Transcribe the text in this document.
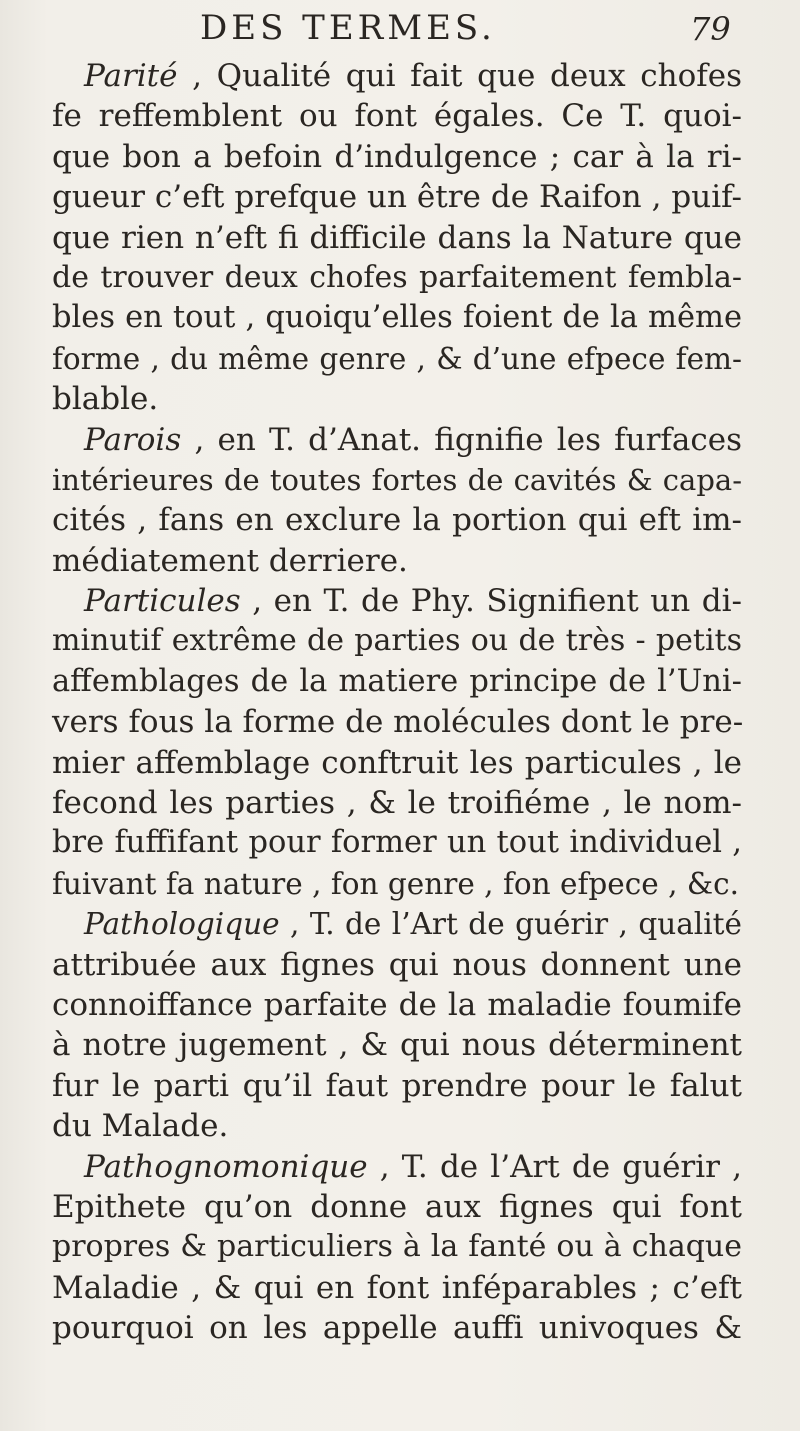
DES TERMES.	79
Parité , Qualité qui fait que deux chofes
fe reffemblent ou font égales. Ce T. quoi-
que bon a befoin d’indulgence ; car à la ri-
gueur c’eft prefque un être de Raifon , puif-
que rien n’eft fi difficile dans la Nature que
de trouver deux chofes parfaitement fembla-
bles en tout , quoiqu’elles foient de la même
forme , du même genre , & d’une efpece fem-
blable.
Parois , en T. d’Anat. fignifie les furfaces
intérieures de toutes fortes de cavités & capa-
cités , fans en exclure la portion qui eft im-
médiatement derriere.
Particules , en T. de Phy. Signifient un di-
minutif extrême de parties ou de très - petits
affemblages de la matiere principe de l’Uni-
vers fous la forme de molécules dont le pre-
mier affemblage conftruit les particules , le
fecond les parties , & le troifiéme , le nom-
bre fuffifant pour former un tout individuel ,
fuivant fa nature , fon genre , fon efpece , &c.
Pathologique , T. de l’Art de guérir , qualité
attribuée aux fignes qui nous donnent une
connoiffance parfaite de la maladie foumife
à notre jugement , & qui nous déterminent
fur le parti qu’il faut prendre pour le falut
du Malade.
Pathognomonique , T. de l’Art de guérir ,
Epithete qu’on donne aux fignes qui font
propres & particuliers à la fanté ou à chaque
Maladie , & qui en font inféparables ; c’eft
pourquoi on les appelle auffi univoques &
